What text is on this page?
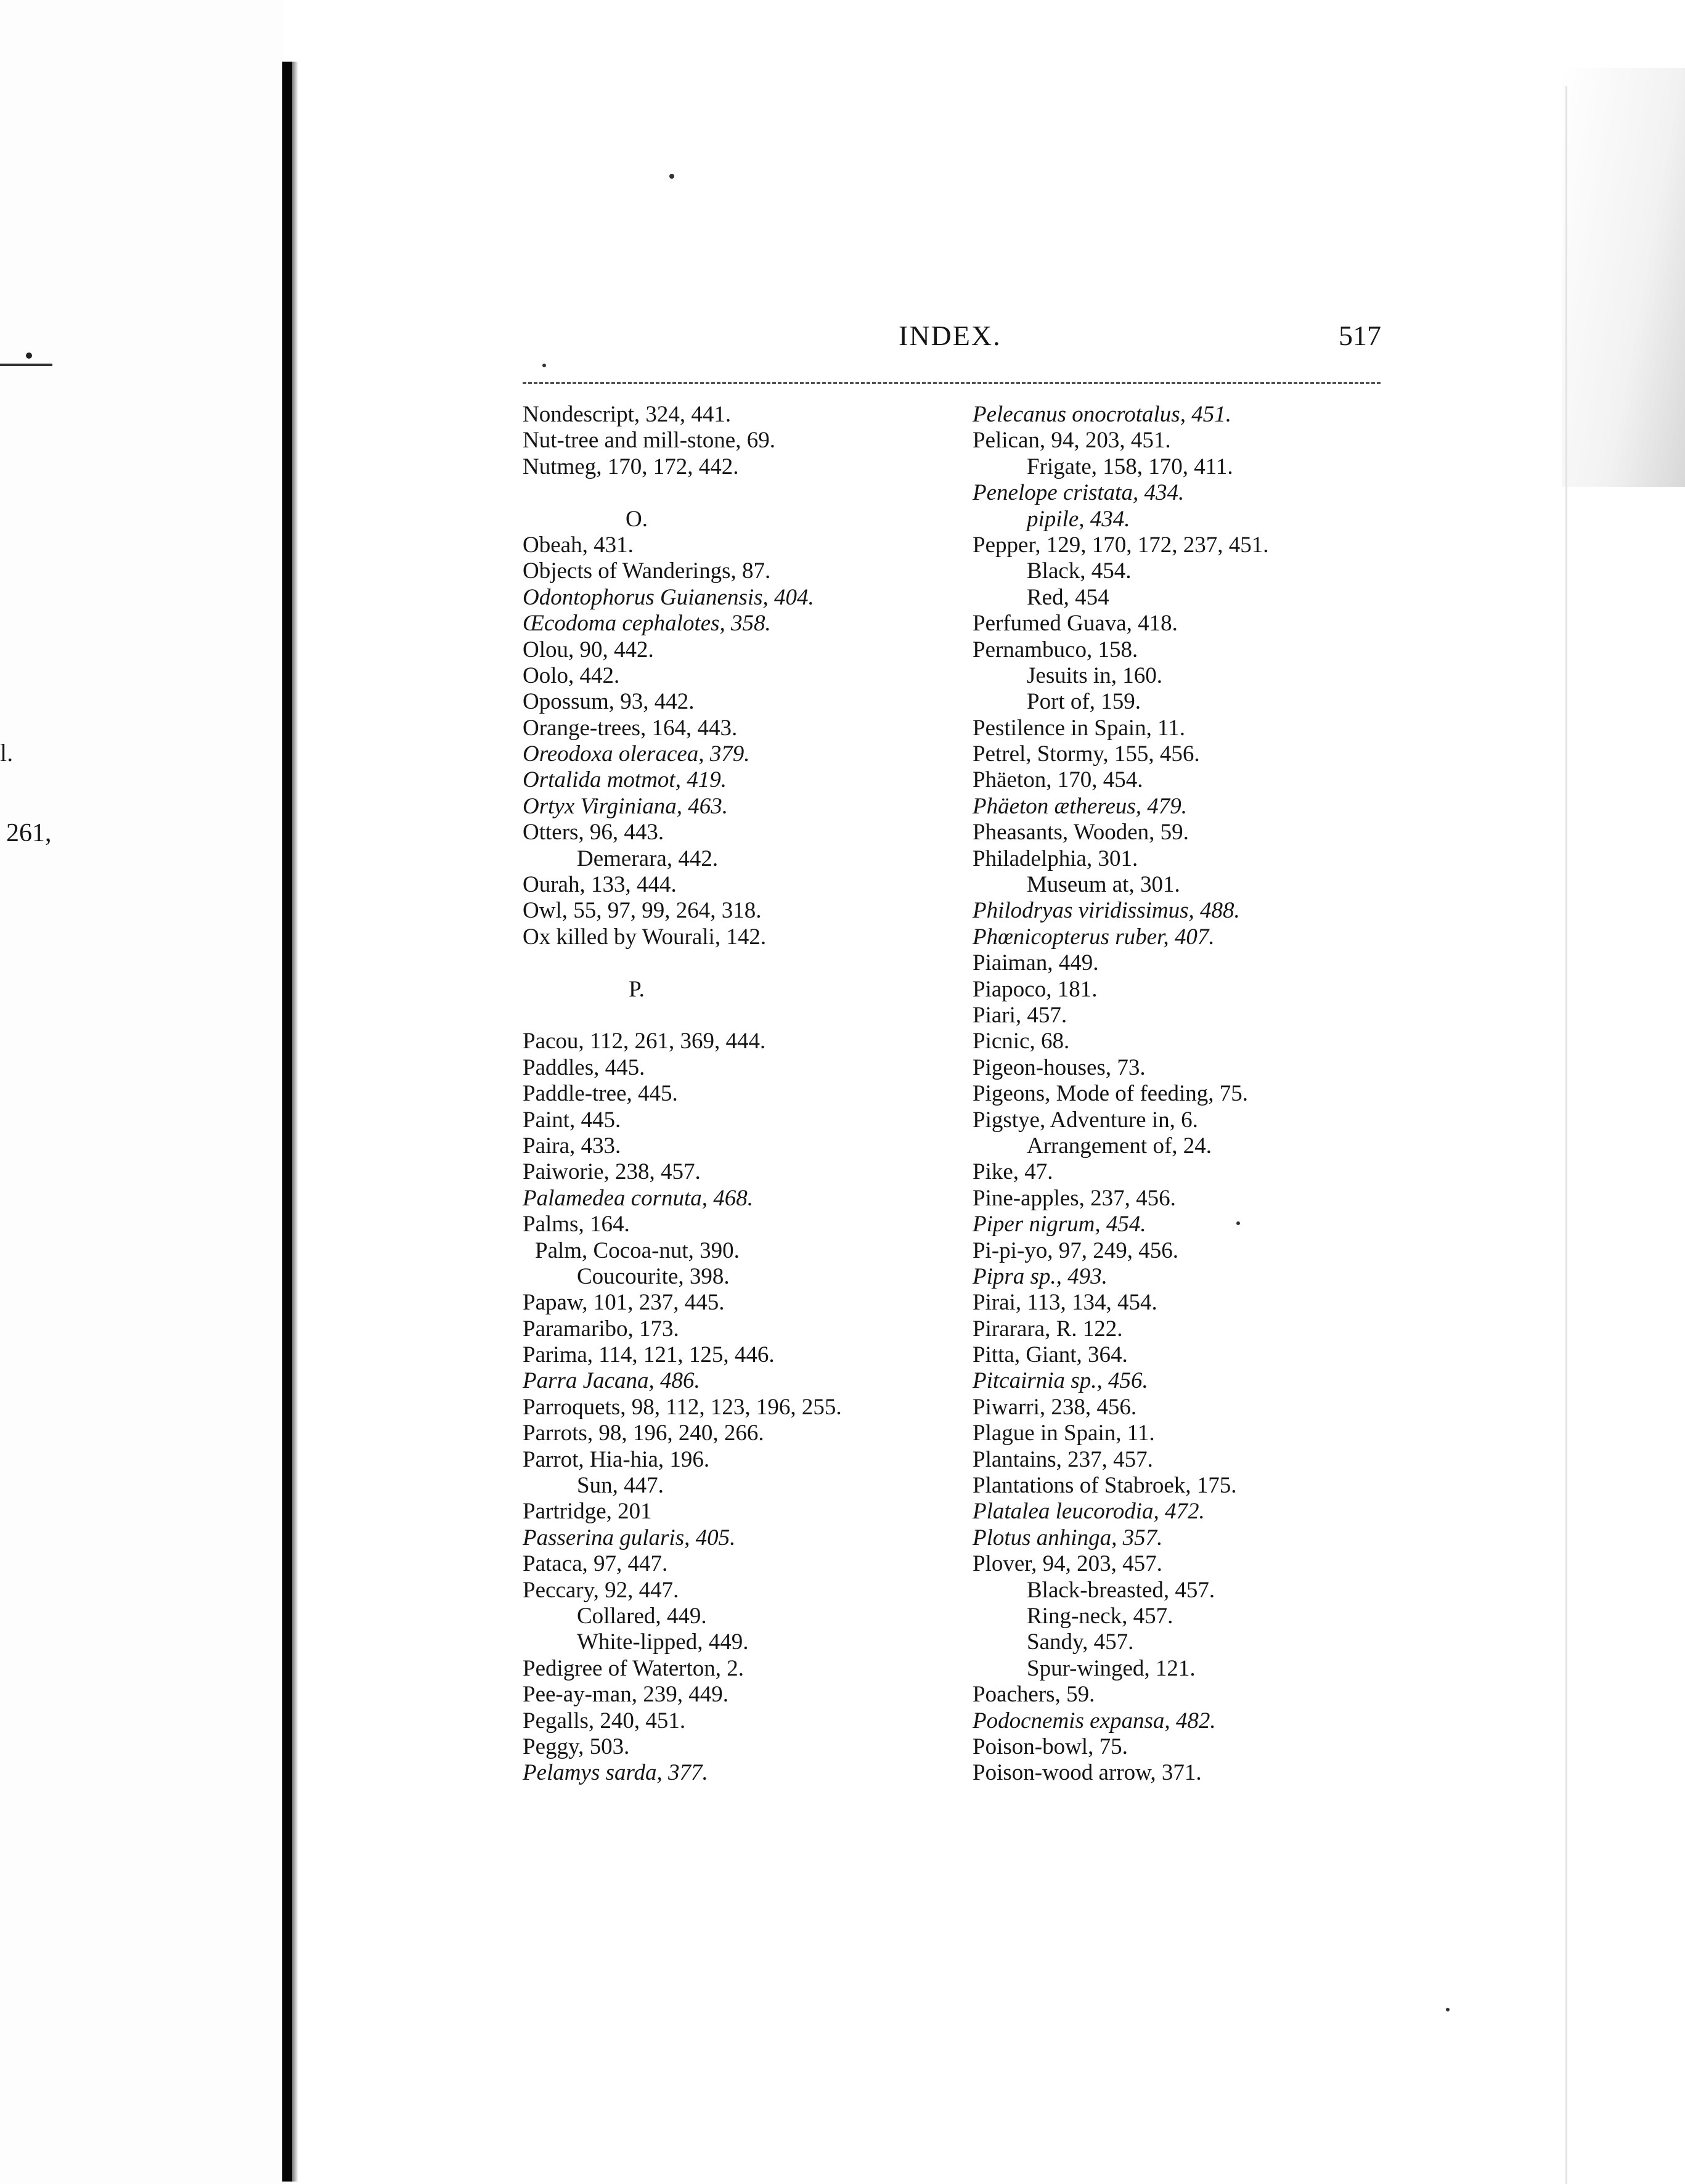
l.
261,
INDEX.	517
Nondescript, 324, 441.
Nut-tree and mill-stone, 69.
Nutmeg, 170, 172, 442.
O.
Obeah, 431.
Objects of Wanderings, 87.
Odontophorus Guianensis, 404.
Œcodoma cephalotes, 358.
Olou, 90, 442.
Oolo, 442.
Opossum, 93, 442.
Orange-trees, 164, 443.
Oreodoxa oleracea, 379.
Ortalida motmot, 419.
Ortyx Virginiana, 463.
Otters, 96, 443.
Demerara, 442.
Ourah, 133, 444.
Owl, 55, 97, 99, 264, 318.
Ox killed by Wourali, 142.
P.
Pacou, 112, 261, 369, 444.
Paddles, 445.
Paddle-tree, 445.
Paint, 445.
Paira, 433.
Paiworie, 238, 457.
Palamedea cornuta, 468.
Palms, 164.
Palm, Cocoa-nut, 390.
Coucourite, 398.
Papaw, 101, 237, 445.
Paramaribo, 173.
Parima, 114, 121, 125, 446.
Parra Jacana, 486.
Parroquets, 98, 112, 123, 196, 255.
Parrots, 98, 196, 240, 266.
Parrot, Hia-hia, 196.
Sun, 447.
Partridge, 201
Passerina gularis, 405.
Pataca, 97, 447.
Peccary, 92, 447.
Collared, 449.
White-lipped, 449.
Pedigree of Waterton, 2.
Pee-ay-man, 239, 449.
Pegalls, 240, 451.
Peggy, 503.
Pelamys sarda, 377.
Pelecanus onocrotalus, 451.
Pelican, 94, 203, 451.
Frigate, 158, 170, 411.
Penelope cristata, 434.
pipile, 434.
Pepper, 129, 170, 172, 237, 451.
Black, 454.
Red, 454
Perfumed Guava, 418.
Pernambuco, 158.
Jesuits in, 160.
Port of, 159.
Pestilence in Spain, 11.
Petrel, Stormy, 155, 456.
Phäeton, 170, 454.
Phäeton æthereus, 479.
Pheasants, Wooden, 59.
Philadelphia, 301.
Museum at, 301.
Philodryas viridissimus, 488.
Phœnicopterus ruber, 407.
Piaiman, 449.
Piapoco, 181.
Piari, 457.
Picnic, 68.
Pigeon-houses, 73.
Pigeons, Mode of feeding, 75.
Pigstye, Adventure in, 6.
Arrangement of, 24.
Pike, 47.
Pine-apples, 237, 456.
Piper nigrum, 454.
Pi-pi-yo, 97, 249, 456.
Pipra sp., 493.
Pirai, 113, 134, 454.
Pirarara, R. 122.
Pitta, Giant, 364.
Pitcairnia sp., 456.
Piwarri, 238, 456.
Plague in Spain, 11.
Plantains, 237, 457.
Plantations of Stabroek, 175.
Platalea leucorodia, 472.
Plotus anhinga, 357.
Plover, 94, 203, 457.
Black-breasted, 457.
Ring-neck, 457.
Sandy, 457.
Spur-winged, 121.
Poachers, 59.
Podocnemis expansa, 482.
Poison-bowl, 75.
Poison-wood arrow, 371.
